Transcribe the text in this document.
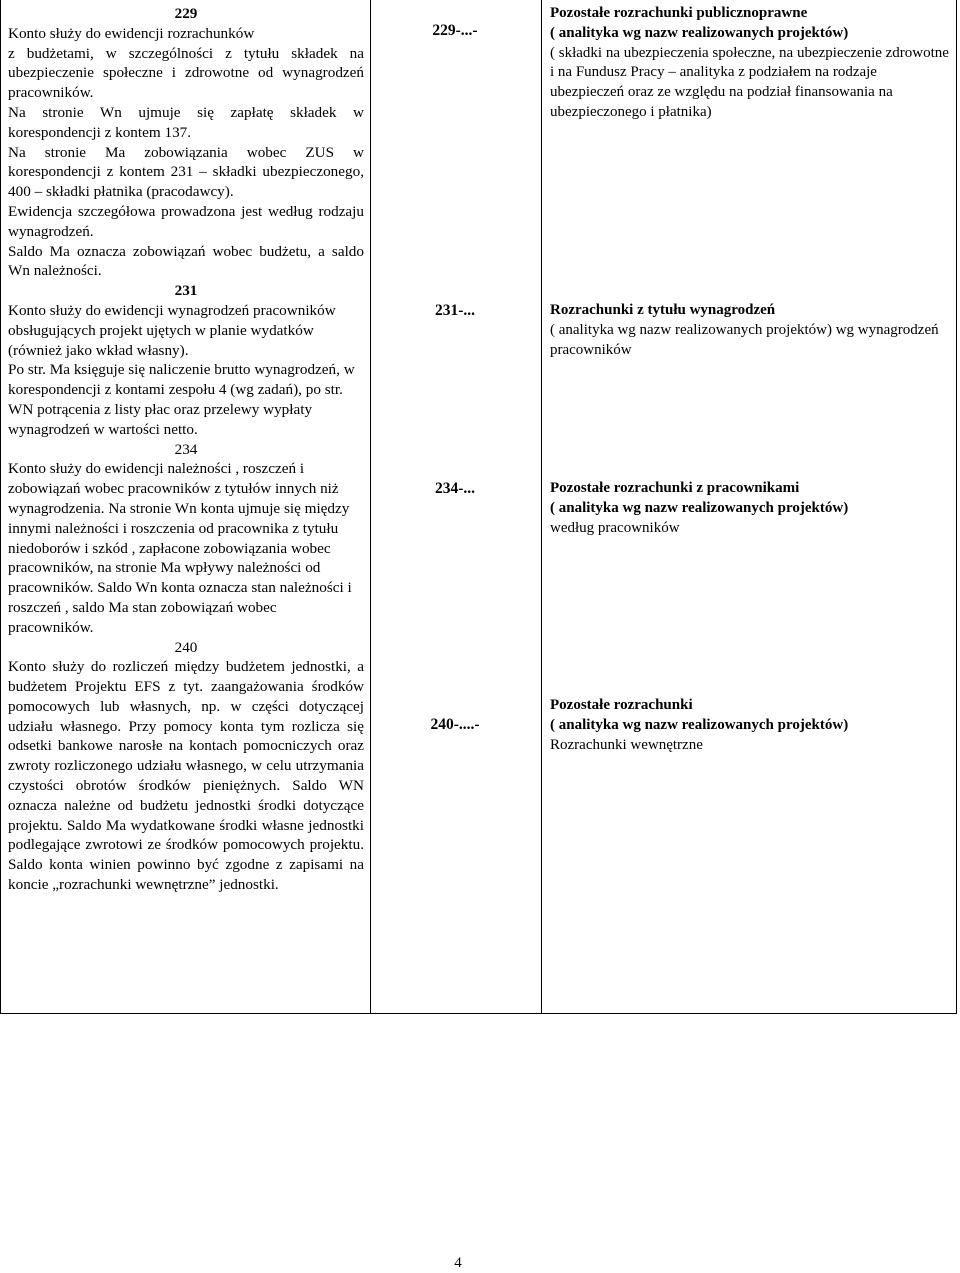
229

Konto służy do ewidencji rozrachunków

z budżetami, w szczególności z tytułu składek na ubezpieczenie społeczne i zdrowotne od wynagrodzeń pracowników.

Na stronie Wn ujmuje się zapłatę składek w korespondencji z kontem 137.

Na stronie Ma zobowiązania wobec ZUS w korespondencji z kontem 231 – składki ubezpieczonego, 400 – składki płatnika (pracodawcy).

Ewidencja szczegółowa prowadzona jest według rodzaju wynagrodzeń.

Saldo Ma oznacza zobowiązań wobec budżetu, a saldo Wn należności.

231

Konto służy do ewidencji wynagrodzeń pracowników obsługujących projekt ujętych w planie wydatków (również jako wkład własny).

Po str. Ma księguje się naliczenie brutto wynagrodzeń, w korespondencji z kontami zespołu 4 (wg zadań), po str. WN potrącenia z listy płac oraz przelewy wypłaty wynagrodzeń w wartości netto.

234

Konto służy do ewidencji należności , roszczeń i zobowiązań wobec pracowników z tytułów innych niż wynagrodzenia. Na stronie Wn konta ujmuje się między innymi należności i roszczenia od pracownika z tytułu niedoborów i szkód , zapłacone zobowiązania wobec pracowników, na stronie Ma wpływy należności od pracowników. Saldo Wn konta oznacza stan należności i roszczeń , saldo Ma stan zobowiązań wobec pracowników.

240

Konto służy do rozliczeń między budżetem jednostki, a budżetem Projektu EFS z tyt. zaangażowania środków pomocowych lub własnych, np. w części dotyczącej udziału własnego. Przy pomocy konta tym rozlicza się odsetki bankowe narosłe na kontach pomocniczych oraz zwroty rozliczonego udziału własnego, w celu utrzymania czystości obrotów środków pieniężnych. Saldo WN oznacza należne od budżetu jednostki środki dotyczące projektu. Saldo Ma wydatkowane środki własne jednostki podlegające zwrotowi ze środków pomocowych projektu. Saldo konta winien powinno być zgodne z zapisami na koncie „rozrachunki wewnętrzne” jednostki.

229-...-
231-...
234-...
240-....-
Pozostałe rozrachunki publicznoprawne
( analityka wg nazw realizowanych projektów)
( składki na ubezpieczenia społeczne, na ubezpieczenie zdrowotne i na Fundusz Pracy – analityka z podziałem na rodzaje ubezpieczeń oraz ze względu na podział finansowania na ubezpieczonego i płatnika)
Rozrachunki z tytułu wynagrodzeń
( analityka wg nazw realizowanych projektów) wg wynagrodzeń pracowników
Pozostałe rozrachunki z pracownikami
( analityka wg nazw realizowanych projektów)
według pracowników
Pozostałe rozrachunki
( analityka wg nazw realizowanych projektów)
Rozrachunki wewnętrzne
4
